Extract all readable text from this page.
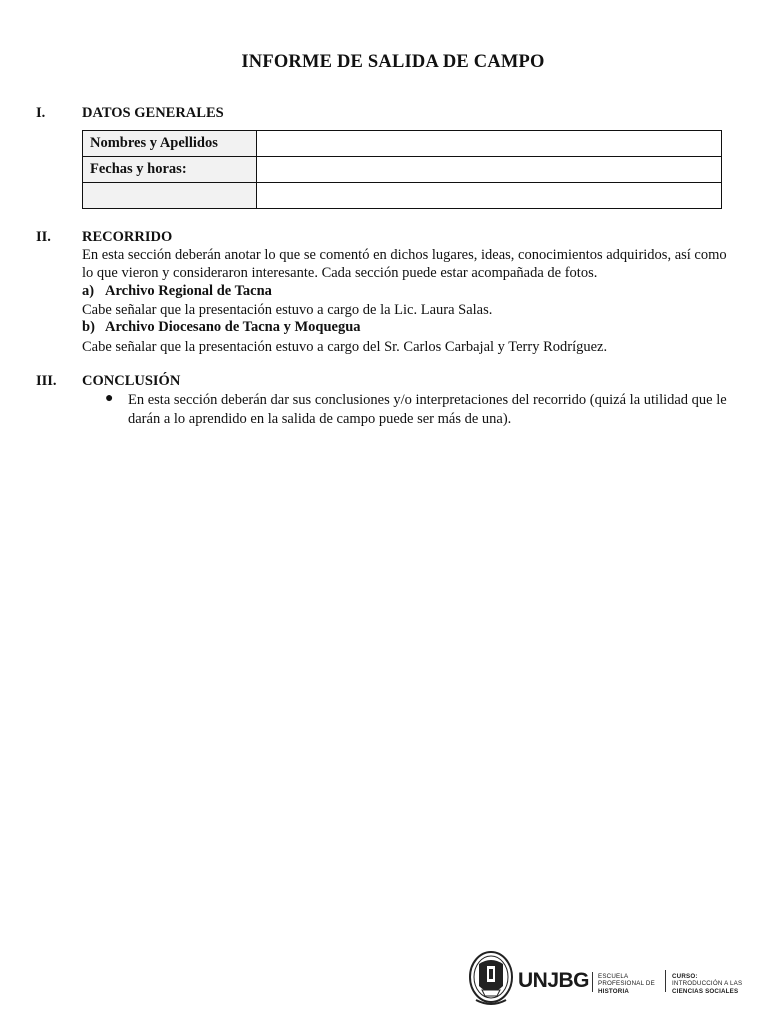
INFORME DE SALIDA DE CAMPO
I.	DATOS GENERALES
Nombres y Apellidos	
Fechas y horas:	

II. RECORRIDO
En esta sección deberán anotar lo que se comentó en dichos lugares, ideas, conocimientos adquiridos, así como lo que vieron y consideraron interesante. Cada sección puede estar acompañada de fotos.
a) Archivo Regional de Tacna
Cabe señalar que la presentación estuvo a cargo de la Lic. Laura Salas.
b) Archivo Diocesano de Tacna y Moquegua
Cabe señalar que la presentación estuvo a cargo del Sr. Carlos Carbajal y Terry Rodríguez.
III. CONCLUSIÓN
● En esta sección deberán dar sus conclusiones y/o interpretaciones del recorrido (quizá la utilidad que le darán a lo aprendido en la salida de campo puede ser más de una).
UNJBG ESCUELA
PROFESIONAL DE
HISTORIA
CURSO:
INTRODUCCIÓN A LAS
CIENCIAS SOCIALES
